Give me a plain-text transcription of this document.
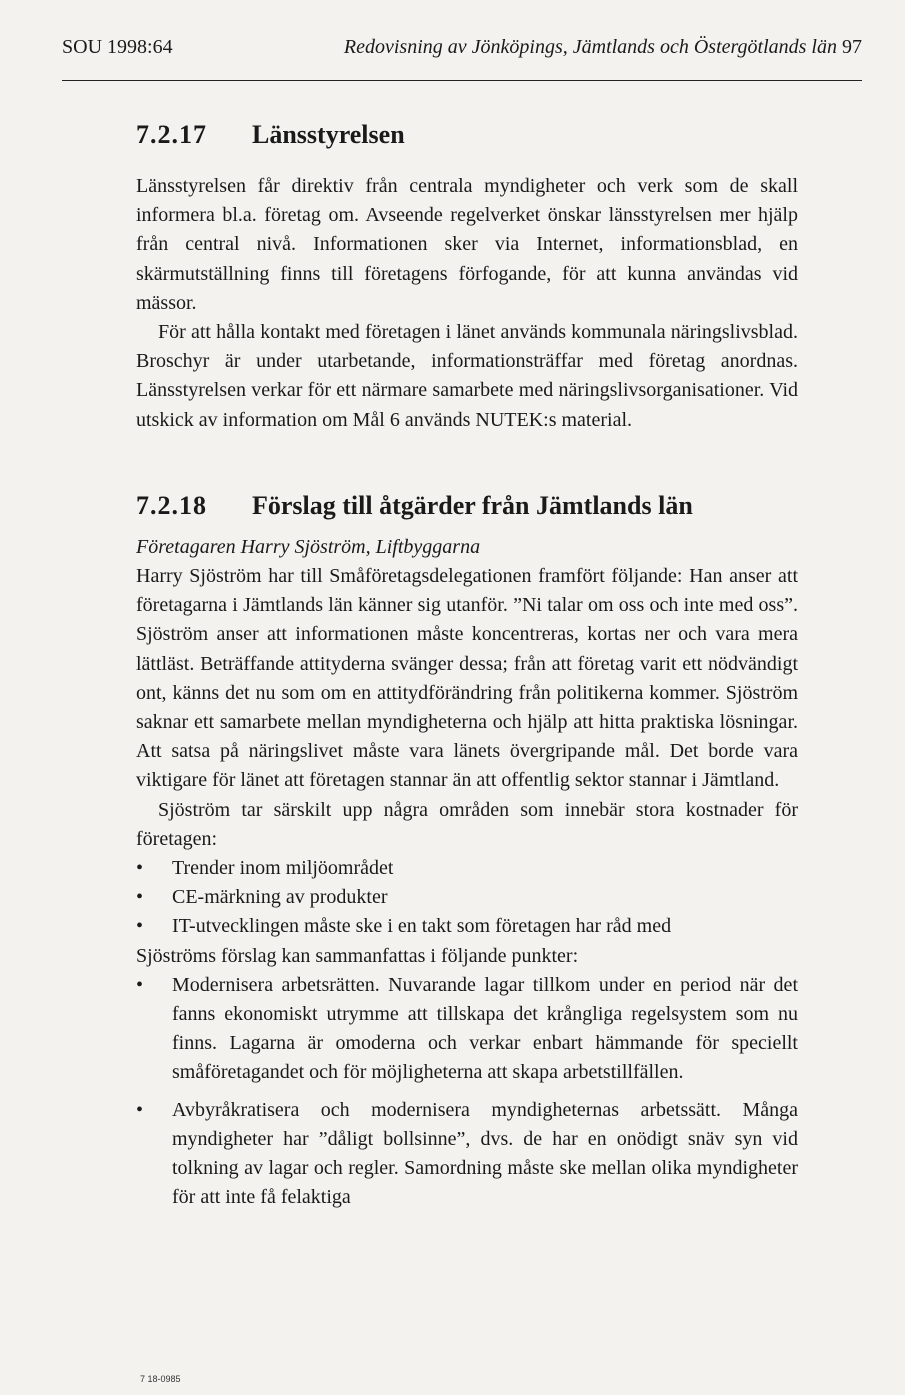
SOU 1998:64	Redovisning av Jönköpings, Jämtlands och Östergötlands län 97
7.2.17	Länsstyrelsen

Länsstyrelsen får direktiv från centrala myndigheter och verk som de skall informera bl.a. företag om. Avseende regelverket önskar länsstyrelsen mer hjälp från central nivå. Informationen sker via Internet, informationsblad, en skärmutställning finns till företagens förfogande, för att kunna användas vid mässor.

För att hålla kontakt med företagen i länet används kommunala näringslivsblad. Broschyr är under utarbetande, informationsträffar med företag anordnas. Länsstyrelsen verkar för ett närmare samarbete med näringslivsorganisationer. Vid utskick av information om Mål 6 används NUTEK:s material.

7.2.18	Förslag till åtgärder från Jämtlands län

Företagaren Harry Sjöström, Liftbyggarna

Harry Sjöström har till Småföretagsdelegationen framfört följande: Han anser att företagarna i Jämtlands län känner sig utanför. ”Ni talar om oss och inte med oss”. Sjöström anser att informationen måste koncentreras, kortas ner och vara mera lättläst. Beträffande attityderna svänger dessa; från att företag varit ett nödvändigt ont, känns det nu som om en attitydförändring från politikerna kommer. Sjöström saknar ett samarbete mellan myndigheterna och hjälp att hitta praktiska lösningar. Att satsa på näringslivet måste vara länets övergripande mål. Det borde vara viktigare för länet att företagen stannar än att offentlig sektor stannar i Jämtland.

Sjöström tar särskilt upp några områden som innebär stora kostnader för företagen:

•	Trender inom miljöområdet
•	CE-märkning av produkter
•	IT-utvecklingen måste ske i en takt som företagen har råd med

Sjöströms förslag kan sammanfattas i följande punkter:

•	Modernisera arbetsrätten. Nuvarande lagar tillkom under en period när det fanns ekonomiskt utrymme att tillskapa det krångliga regelsystem som nu finns. Lagarna är omoderna och verkar enbart hämmande för speciellt småföretagandet och för möjligheterna att skapa arbetstillfällen.
•	Avbyråkratisera och modernisera myndigheternas arbetssätt. Många myndigheter har ”dåligt bollsinne”, dvs. de har en onödigt snäv syn vid tolkning av lagar och regler. Samordning måste ske mellan olika myndigheter för att inte få felaktiga
7 18-0985
